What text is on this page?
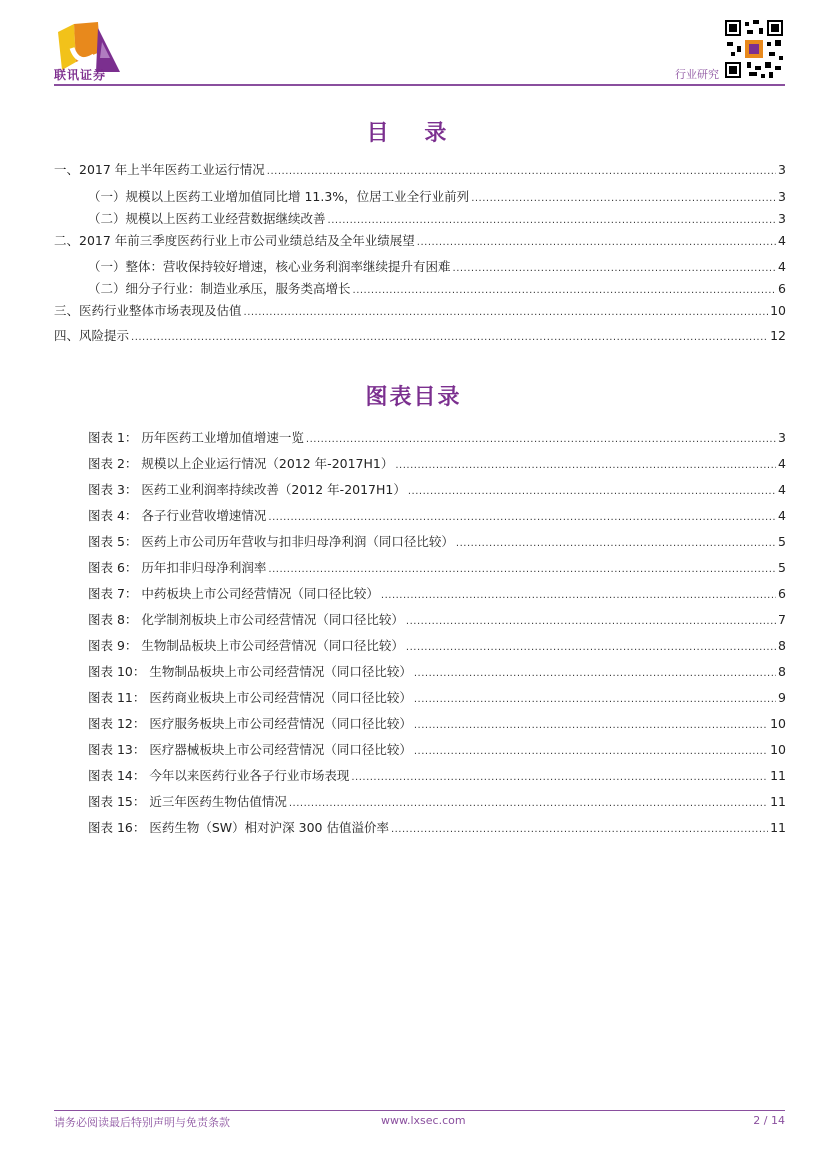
联讯证券	行业研究
目 录
一、2017 年上半年医药工业运行情况 .....	3
（一）规模以上医药工业增加值同比增 11.3%，位居工业全行业前列 .....	3
（二）规模以上医药工业经营数据继续改善 .....	3
二、2017 年前三季度医药行业上市公司业绩总结及全年业绩展望 .....	4
（一）整体：营收保持较好增速，核心业务利润率继续提升有困难 .....	4
（二）细分子行业：制造业承压，服务类高增长 .....	6
三、医药行业整体市场表现及估值 .....	10
四、风险提示 .....	12
图表目录
图表 1： 历年医药工业增加值增速一览 .....	3
图表 2： 规模以上企业运行情况（2012 年-2017H1） .....	4
图表 3： 医药工业利润率持续改善（2012 年-2017H1） .....	4
图表 4： 各子行业营收增速情况 .....	4
图表 5： 医药上市公司历年营收与扣非归母净利润（同口径比较） .....	5
图表 6： 历年扣非归母净利润率 .....	5
图表 7： 中药板块上市公司经营情况（同口径比较） .....	6
图表 8： 化学制剂板块上市公司经营情况（同口径比较） .....	7
图表 9： 生物制品板块上市公司经营情况（同口径比较） .....	8
图表 10： 生物制品板块上市公司经营情况（同口径比较） .....	8
图表 11： 医药商业板块上市公司经营情况（同口径比较） .....	9
图表 12： 医疗服务板块上市公司经营情况（同口径比较） .....	10
图表 13： 医疗器械板块上市公司经营情况（同口径比较） .....	10
图表 14： 今年以来医药行业各子行业市场表现 .....	11
图表 15： 近三年医药生物估值情况 .....	11
图表 16： 医药生物（SW）相对沪深 300 估值溢价率 .....	11
请务必阅读最后特别声明与免责条款	www.lxsec.com	2 / 14
